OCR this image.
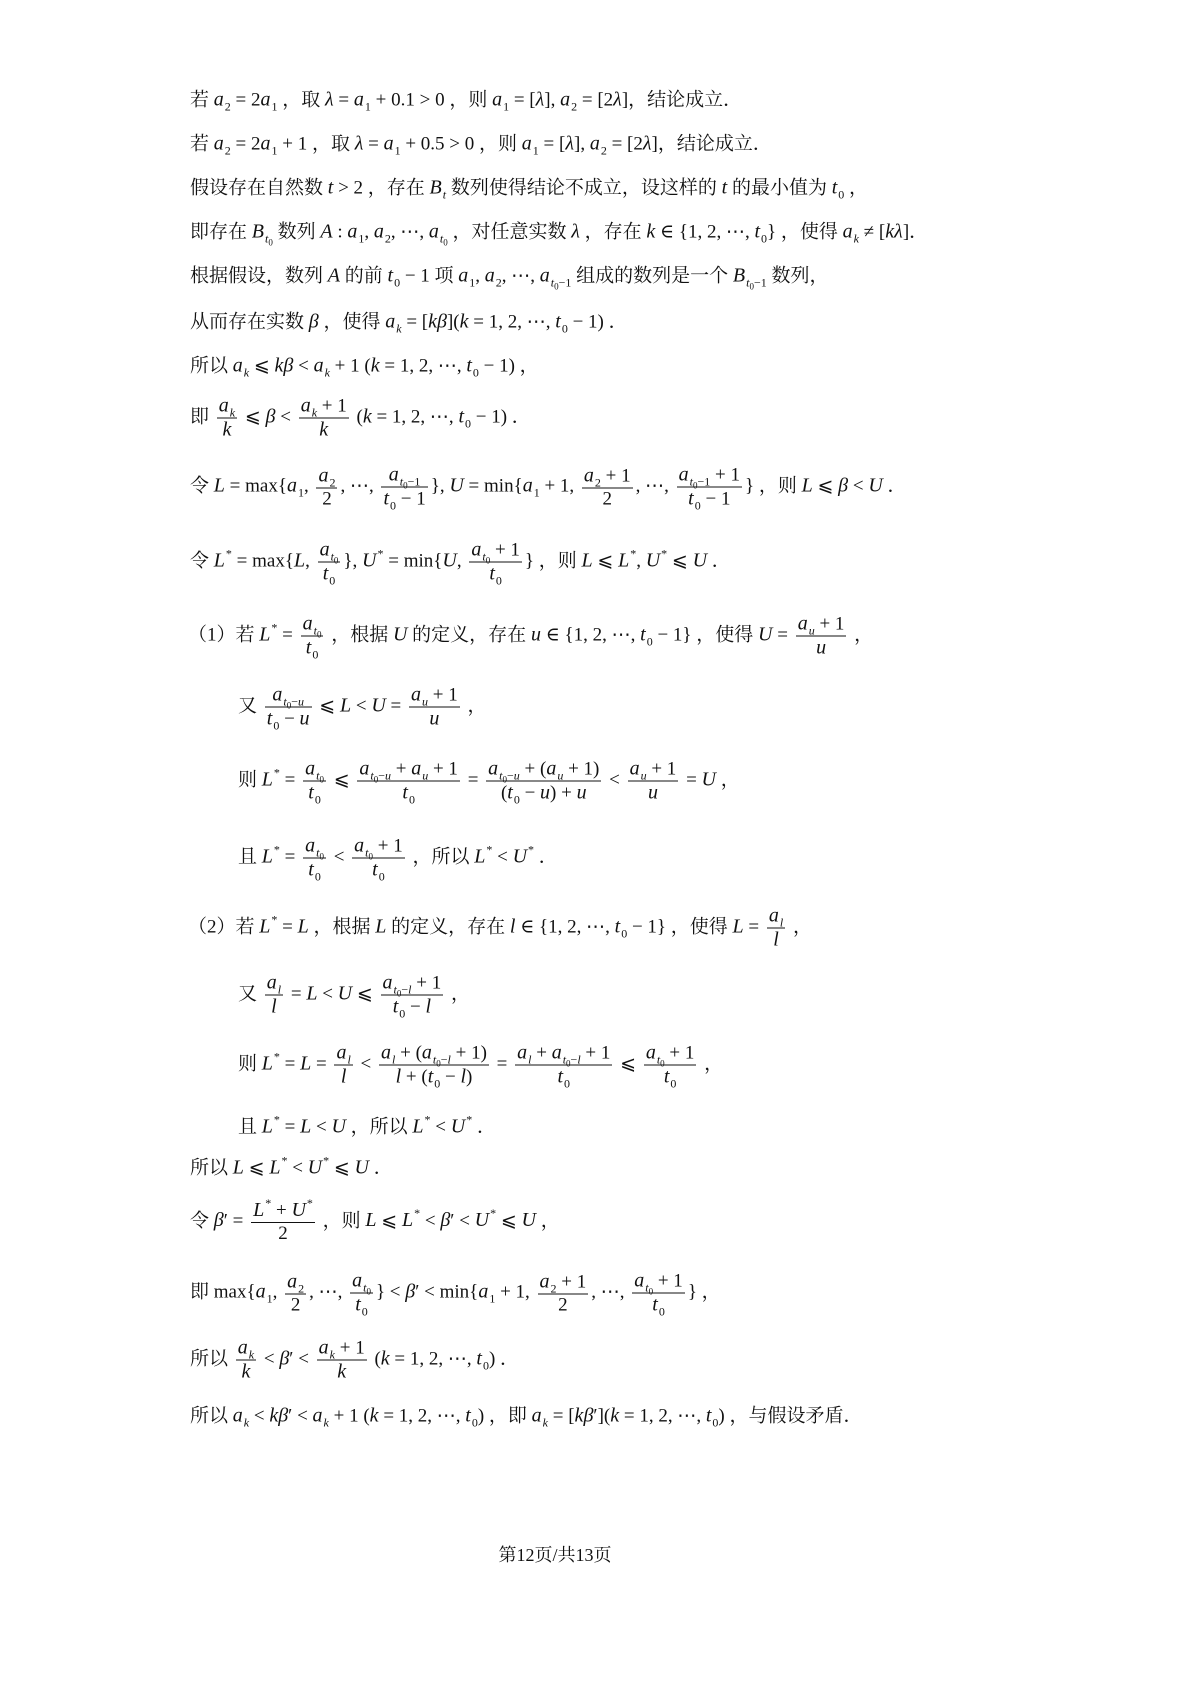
若 $a_2 = 2a_1$ ，取 $\lambda = a_1 + 0.1 > 0$ ，则 $a_1 = [\lambda]$, $a_2 = [2\lambda]$，结论成立．
若 $a_2 = 2a_1 + 1$ ，取 $\lambda = a_1 + 0.5 > 0$ ，则 $a_1 = [\lambda]$, $a_2 = [2\lambda]$，结论成立．
假设存在自然数 t > 2 ，存在 $B_t$ 数列使得结论不成立，设这样的 t 的最小值为 $t_0$ ，
即存在 $B_{t_0}$ 数列 A : $a_1$, $a_2$, ⋯, $a_{t_0}$ ，对任意实数 λ ，存在 k ∈ {1, 2, ⋯, $t_0$} ，使得 $a_k \ne [k\lambda]$．
根据假设，数列 A 的前 $t_0 - 1$ 项 $a_1$, $a_2$, ⋯, $a_{t_0-1}$ 组成的数列是一个 $B_{t_0-1}$ 数列，
从而存在实数 β ，使得 $a_k = [k\beta](k = 1$, 2, ⋯, $t_0 - 1$) ．
所以 $a_k$ ⩽ $k\beta < a_k + 1$ (k = 1, 2, ⋯, $t_0 - 1$) ，
即 $\frac{a_k}{k}$ ⩽ $\beta < \frac{a_k + 1}{k} (k = 1$, 2, ⋯, $t_0 - 1$) ．
令 $L = \max\{a_1$, $\frac{a_2}{2}$ , ⋯, $\frac{a_{t_0-1}}{t_0 - 1}$ }, $U = \min\{a_1 + 1$, $\frac{a_2 + 1}{2}$ , ⋯, $\frac{a_{t_0-1} + 1}{t_0 - 1}$ } ，则 L ⩽ β < U ．
令 L* = max{L, $\frac{a_{t_0}}{t_0}$ }, U* = min{U, $\frac{a_{t_0} + 1}{t_0}$ } ，则 L ⩽ L*, U* ⩽ U ．
（1）若 $L^* = \frac{a_{t_0}}{t_0}$ ，根据 U 的定义，存在 u ∈ {1, 2, ⋯, $t_0 - 1$} ，使得 $U = \frac{a_u + 1}{u}$ ，
又 $\frac{a_{t_0-u}}{t_0 - u}$ ⩽ $L < U = \frac{a_u + 1}{u}$ ，
则 $L^* = \frac{a_{t_0}}{t_0}$ ⩽ $\frac{a_{t_0-u} + a_u + 1}{t_0} = \frac{a_{t_0-u} + (a_u + 1)}{(t_0 - u) + u} < \frac{a_u + 1}{u} = U$ ，
且 $L^* = \frac{a_{t_0}}{t_0} < \frac{a_{t_0} + 1}{t_0}$ ，所以 L* < U* ．
（2）若 L* = L ，根据 L 的定义，存在 l ∈ {1, 2, ⋯, $t_0 - 1$} ，使得 $L = \frac{a_l}{l}$ ，
又 $\frac{a_l}{l} = L < U$ ⩽ $\frac{a_{t_0-l} + 1}{t_0 - l}$ ，
则 $L^* = L = \frac{a_l}{l} < \frac{a_l + (a_{t_0-l} + 1)}{l + (t_0 - l)} = \frac{a_l + a_{t_0-l} + 1}{t_0}$ ⩽ $\frac{a_{t_0} + 1}{t_0}$ ，
且 L* = L < U ，所以 L* < U* ．
所以 L ⩽ L* < U* ⩽ U ．
令 $\beta' = \frac{L^* + U^*}{2}$ ，则 L ⩽ L* < β′ < U* ⩽ U ，
即 $\max\{a_1$, $\frac{a_2}{2}$ , ⋯, $\frac{a_{t_0}}{t_0}$ } < $\beta' < \min\{a_1 + 1$, $\frac{a_2 + 1}{2}$ , ⋯, $\frac{a_{t_0} + 1}{t_0}$ } ，
所以 $\frac{a_k}{k} < \beta' < \frac{a_k + 1}{k} (k = 1$, 2, ⋯, $t_0$) ．
所以 $a_k < k\beta' < a_k + 1$ (k = 1, 2, ⋯, $t_0$) ，即 $a_k = [k\beta'](k = 1$, 2, ⋯, $t_0$) ，与假设矛盾．
第12页/共13页
